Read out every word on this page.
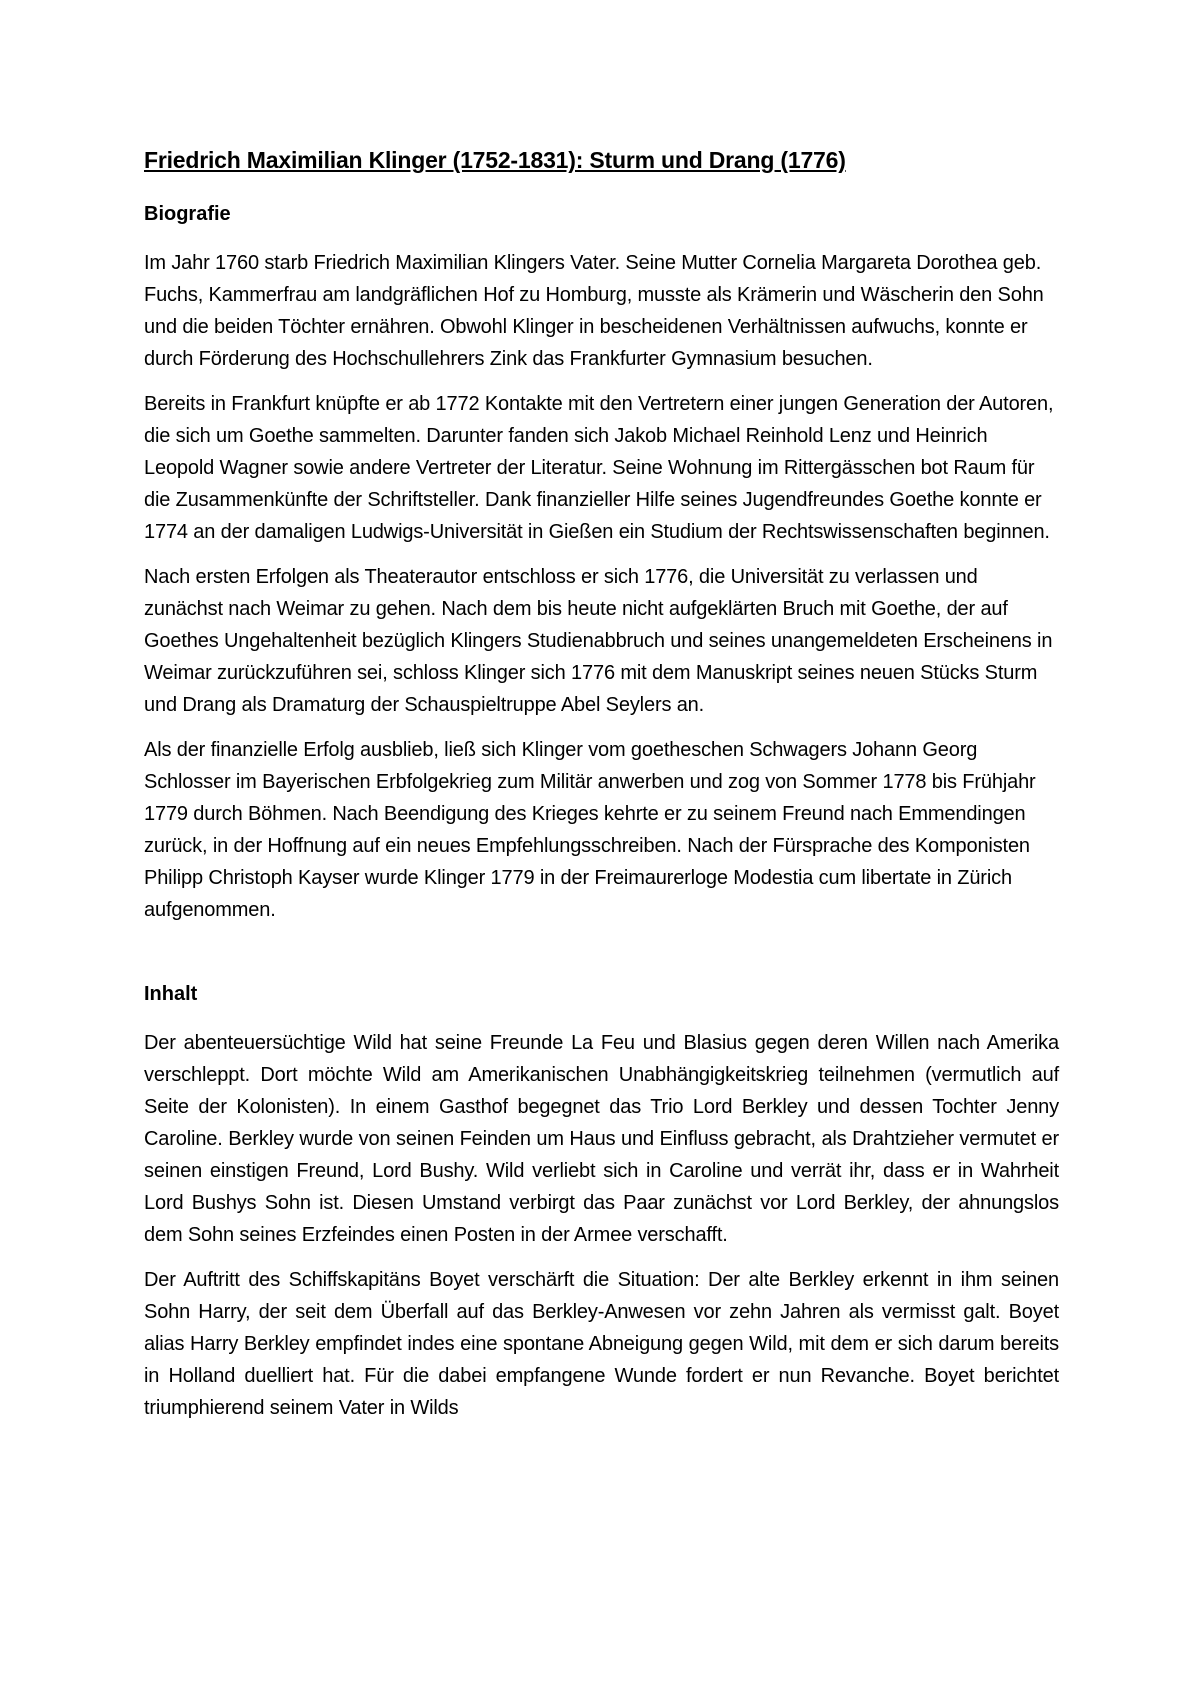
Friedrich Maximilian Klinger (1752-1831): Sturm und Drang (1776)
Biografie

Im Jahr 1760 starb Friedrich Maximilian Klingers Vater. Seine Mutter Cornelia Margareta Dorothea geb. Fuchs, Kammerfrau am landgräflichen Hof zu Homburg, musste als Krämerin und Wäscherin den Sohn und die beiden Töchter ernähren. Obwohl Klinger in bescheidenen Verhältnissen aufwuchs, konnte er durch Förderung des Hochschullehrers Zink das Frankfurter Gymnasium besuchen.

Bereits in Frankfurt knüpfte er ab 1772 Kontakte mit den Vertretern einer jungen Generation der Autoren, die sich um Goethe sammelten. Darunter fanden sich Jakob Michael Reinhold Lenz und Heinrich Leopold Wagner sowie andere Vertreter der Literatur. Seine Wohnung im Rittergässchen bot Raum für die Zusammenkünfte der Schriftsteller. Dank finanzieller Hilfe seines Jugendfreundes Goethe konnte er 1774 an der damaligen Ludwigs-Universität in Gießen ein Studium der Rechtswissenschaften beginnen.

Nach ersten Erfolgen als Theaterautor entschloss er sich 1776, die Universität zu verlassen und zunächst nach Weimar zu gehen. Nach dem bis heute nicht aufgeklärten Bruch mit Goethe, der auf Goethes Ungehaltenheit bezüglich Klingers Studienabbruch und seines unangemeldeten Erscheinens in Weimar zurückzuführen sei, schloss Klinger sich 1776 mit dem Manuskript seines neuen Stücks Sturm und Drang als Dramaturg der Schauspieltruppe Abel Seylers an.

Als der finanzielle Erfolg ausblieb, ließ sich Klinger vom goetheschen Schwagers Johann Georg Schlosser im Bayerischen Erbfolgekrieg zum Militär anwerben und zog von Sommer 1778 bis Frühjahr 1779 durch Böhmen. Nach Beendigung des Krieges kehrte er zu seinem Freund nach Emmendingen zurück, in der Hoffnung auf ein neues Empfehlungsschreiben. Nach der Fürsprache des Komponisten Philipp Christoph Kayser wurde Klinger 1779 in der Freimaurerloge Modestia cum libertate in Zürich aufgenommen.

Inhalt

Der abenteuersüchtige Wild hat seine Freunde La Feu und Blasius gegen deren Willen nach Amerika verschleppt. Dort möchte Wild am Amerikanischen Unabhängigkeitskrieg teilnehmen (vermutlich auf Seite der Kolonisten). In einem Gasthof begegnet das Trio Lord Berkley und dessen Tochter Jenny Caroline. Berkley wurde von seinen Feinden um Haus und Einfluss gebracht, als Drahtzieher vermutet er seinen einstigen Freund, Lord Bushy. Wild verliebt sich in Caroline und verrät ihr, dass er in Wahrheit Lord Bushys Sohn ist. Diesen Umstand verbirgt das Paar zunächst vor Lord Berkley, der ahnungslos dem Sohn seines Erzfeindes einen Posten in der Armee verschafft.

Der Auftritt des Schiffskapitäns Boyet verschärft die Situation: Der alte Berkley erkennt in ihm seinen Sohn Harry, der seit dem Überfall auf das Berkley-Anwesen vor zehn Jahren als vermisst galt. Boyet alias Harry Berkley empfindet indes eine spontane Abneigung gegen Wild, mit dem er sich darum bereits in Holland duelliert hat. Für die dabei empfangene Wunde fordert er nun Revanche. Boyet berichtet triumphierend seinem Vater in Wilds
